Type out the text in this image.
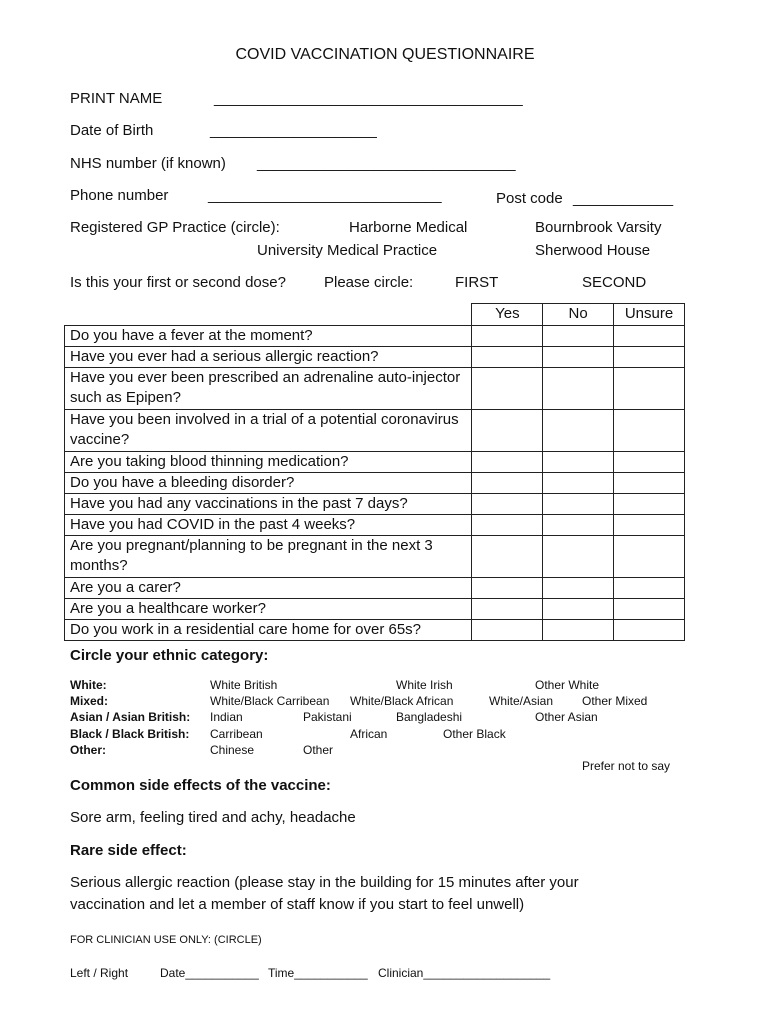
COVID VACCINATION QUESTIONNAIRE
PRINT NAME	_____________________________________
Date of Birth	____________________
NHS number (if known) _______________________________
Phone number	____________________________	Post code ____________
Registered GP Practice (circle):	Harborne Medical	Bournbrook Varsity
University Medical Practice	Sherwood House
Is this your first or second dose?	Please circle:	FIRST	SECOND
	Yes	No	Unsure
Do you have a fever at the moment?			
Have you ever had a serious allergic reaction?			
Have you ever been prescribed an adrenaline auto-injector such as Epipen?			
Have you been involved in a trial of a potential coronavirus vaccine?			
Are you taking blood thinning medication?			
Do you have a bleeding disorder?			
Have you had any vaccinations in the past 7 days?			
Have you had COVID in the past 4 weeks?			
Are you pregnant/planning to be pregnant in the next 3 months?			
Are you a carer?			
Are you a healthcare worker?			
Do you work in a residential care home for over 65s?			
Circle your ethnic category:
White:	White British	White Irish	Other White
Mixed:	White/Black Carribean White/Black African	White/Asian Other Mixed
Asian / Asian British: Indian	Pakistani	Bangladeshi	Other Asian
Black / Black British: Carribean	African	Other Black
Other:	Chinese	Other
Prefer not to say
Common side effects of the vaccine:
Sore arm, feeling tired and achy, headache
Rare side effect:
Serious allergic reaction (please stay in the building for 15 minutes after your
vaccination and let a member of staff know if you start to feel unwell)
FOR CLINICIAN USE ONLY: (CIRCLE)
Left / Right	Date___________ Time___________ Clinician___________________
